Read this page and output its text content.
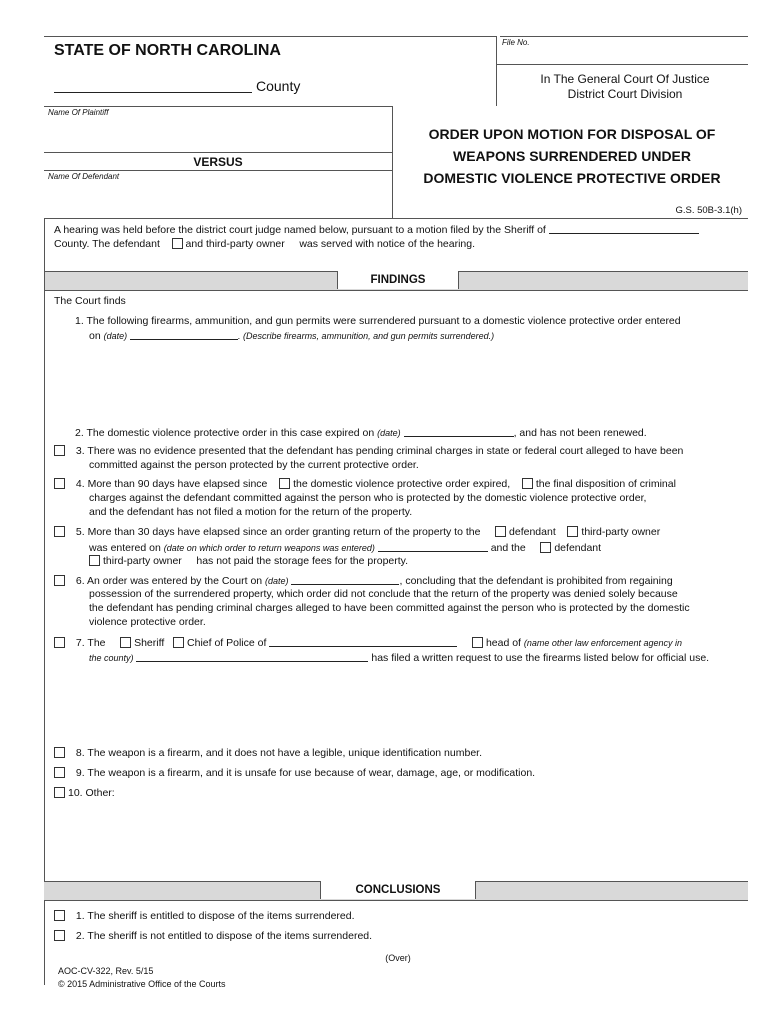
File No.
STATE OF NORTH CAROLINA
County	In The General Court Of Justice
District Court Division
Name Of Plaintiff
VERSUS
Name Of Defendant
ORDER UPON MOTION FOR DISPOSAL OF
WEAPONS SURRENDERED UNDER
DOMESTIC VIOLENCE PROTECTIVE ORDER
G.S. 50B-3.1(h)
A hearing was held before the district court judge named below, pursuant to a motion filed by the Sheriff of
County. The defendant and third-party owner was served with notice of the hearing.
FINDINGS
The Court finds
1. The following firearms, ammunition, and gun permits were surrendered pursuant to a domestic violence protective order entered
on (date)	. (Describe firearms, ammunition, and gun permits surrendered.)
2. The domestic violence protective order in this case expired on (date)	, and has not been renewed.
3. There was no evidence presented that the defendant has pending criminal charges in state or federal court alleged to have been
committed against the person protected by the current protective order.
4. More than 90 days have elapsed since the domestic violence protective order expired, the final disposition of criminal
charges against the defendant committed against the person who is protected by the domestic violence protective order,
and the defendant has not filed a motion for the return of the property.
5. More than 30 days have elapsed since an order granting return of the property to the	defendant third-party owner
was entered on (date on which order to return weapons was entered)	and the	defendant
third-party owner has not paid the storage fees for the property.
6. An order was entered by the Court on (date)	, concluding that the defendant is prohibited from regaining
possession of the surrendered property, which order did not conclude that the return of the property was denied solely because
the defendant has pending criminal charges alleged to have been committed against the person who is protected by the domestic
violence protective order.
7. The	Sheriff Chief of Police of	head of (name other law enforcement agency in
the county)	has filed a written request to use the firearms listed below for official use.
8. The weapon is a firearm, and it does not have a legible, unique identification number.
9. The weapon is a firearm, and it is unsafe for use because of wear, damage, age, or modification.
10. Other:
CONCLUSIONS
1. The sheriff is entitled to dispose of the items surrendered.
2. The sheriff is not entitled to dispose of the items surrendered.
(Over)
AOC-CV-322, Rev. 5/15
© 2015 Administrative Office of the Courts
